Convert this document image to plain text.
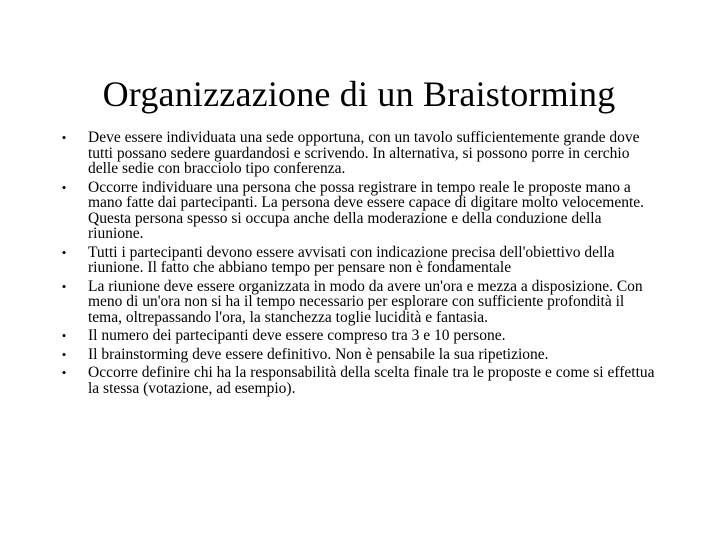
Organizzazione di un Braistorming
• Deve essere individuata una sede opportuna, con un tavolo sufficientemente grande dove tutti possano sedere guardandosi e scrivendo. In alternativa, si possono porre in cerchio delle sedie con bracciolo tipo conferenza.
• Occorre individuare una persona che possa registrare in tempo reale le proposte mano a mano fatte dai partecipanti. La persona deve essere capace di digitare molto velocemente. Questa persona spesso si occupa anche della moderazione e della conduzione della riunione.
• Tutti i partecipanti devono essere avvisati con indicazione precisa dell'obiettivo della riunione. Il fatto che abbiano tempo per pensare non è fondamentale
• La riunione deve essere organizzata in modo da avere un'ora e mezza a disposizione. Con meno di un'ora non si ha il tempo necessario per esplorare con sufficiente profondità il tema, oltrepassando l'ora, la stanchezza toglie lucidità e fantasia.
• Il numero dei partecipanti deve essere compreso tra 3 e 10 persone.
• Il brainstorming deve essere definitivo. Non è pensabile la sua ripetizione.
• Occorre definire chi ha la responsabilità della scelta finale tra le proposte e come si effettua la stessa (votazione, ad esempio).
